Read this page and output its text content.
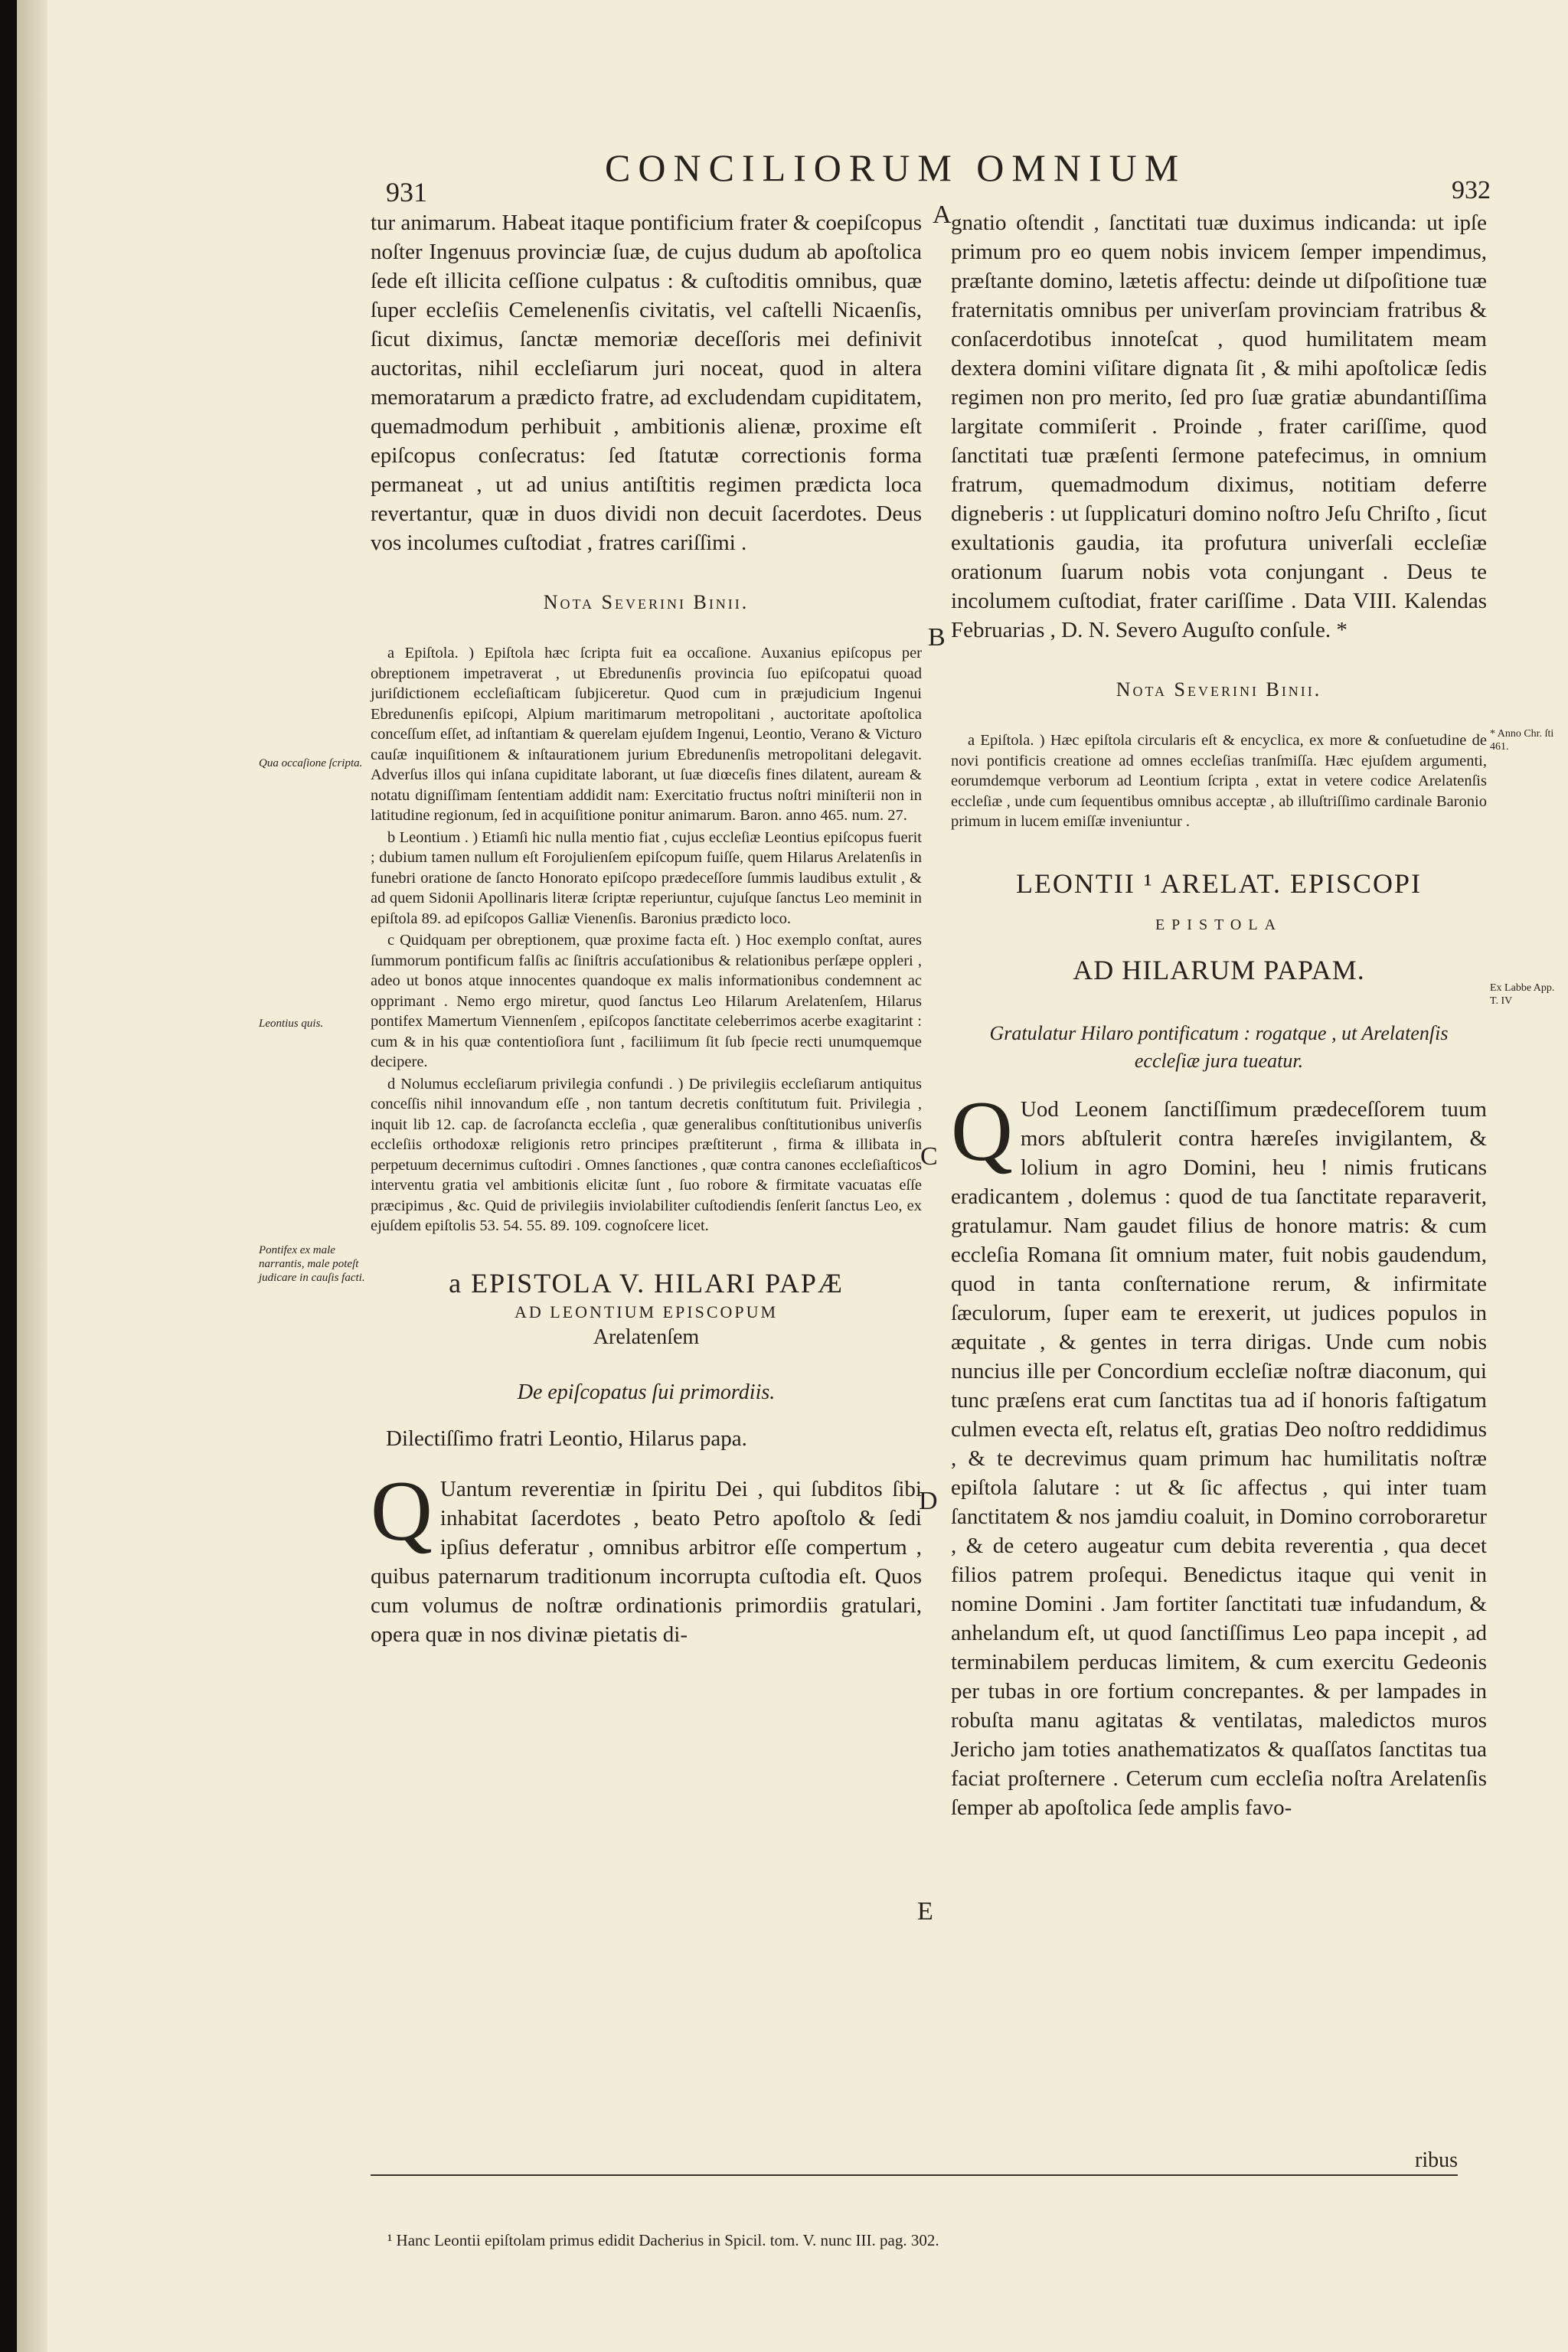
931
CONCILIORUM OMNIUM
932

tur animarum. Habeat itaque pontificium frater & coepiſcopus noſter Ingenuus provinciæ ſuæ, de cujus dudum ab apoſtolica ſede eſt illicita ceſſione culpatus : & cuſtoditis omnibus, quæ ſuper eccleſiis Cemelenenſis civitatis, vel caſtelli Nicaenſis, ſicut diximus, ſanctæ memoriæ deceſſoris mei definivit auctoritas, nihil eccleſiarum juri noceat, quod in altera memoratarum a prædicto fratre, ad excludendam cupiditatem, quemadmodum perhibuit , ambitionis alienæ, proxime eſt epiſcopus conſecratus: ſed ſtatutæ correctionis forma permaneat , ut ad unius antiſtitis regimen prædicta loca revertantur, quæ in duos dividi non decuit ſacerdotes. Deus vos incolumes cuſtodiat , fratres cariſſimi .

Nota Severini Binii.

a Epiſtola. ) Epiſtola hæc ſcripta fuit ea occaſione. Auxanius epiſcopus per obreptionem impetraverat , ut Ebredunenſis provincia ſuo epiſcopatui quoad juriſdictionem eccleſiaſticam ſubjiceretur. Quod cum in præjudicium Ingenui Ebredunenſis epiſcopi, Alpium maritimarum metropolitani , auctoritate apoſtolica conceſſum eſſet, ad inſtantiam & querelam ejuſdem Ingenui, Leontio, Verano & Victuro cauſæ inquiſitionem & inſtaurationem jurium Ebredunenſis metropolitani delegavit. Adverſus illos qui inſana cupiditate laborant, ut ſuæ diœceſis fines dilatent, auream & notatu digniſſimam ſententiam addidit nam: Exercitatio fructus noſtri miniſterii non in latitudine regionum, ſed in acquiſitione ponitur animarum. Baron. anno 465. num. 27.

b Leontium . ) Etiamſi hic nulla mentio fiat , cujus eccleſiæ Leontius epiſcopus fuerit ; dubium tamen nullum eſt Forojulienſem epiſcopum fuiſſe, quem Hilarus Arelatenſis in funebri oratione de ſancto Honorato epiſcopo prædeceſſore ſummis laudibus extulit , & ad quem Sidonii Apollinaris literæ ſcriptæ reperiuntur, cujuſque ſanctus Leo meminit in epiſtola 89. ad epiſcopos Galliæ Vienenſis. Baronius prædicto loco.

c Quidquam per obreptionem, quæ proxime facta eſt. ) Hoc exemplo conſtat, aures ſummorum pontificum falſis ac ſiniſtris accuſationibus & relationibus perſæpe oppleri , adeo ut bonos atque innocentes quandoque ex malis informationibus condemnent ac opprimant . Nemo ergo miretur, quod ſanctus Leo Hilarum Arelatenſem, Hilarus pontifex Mamertum Viennenſem , epiſcopos ſanctitate celeberrimos acerbe exagitarint : cum & in his quæ contentioſiora ſunt , faciliimum ſit ſub ſpecie recti unumquemque decipere.

d Nolumus eccleſiarum privilegia confundi . ) De privilegiis eccleſiarum antiquitus conceſſis nihil innovandum eſſe , non tantum decretis conſtitutum fuit. Privilegia , inquit lib 12. cap. de ſacroſancta eccleſia , quæ generalibus conſtitutionibus univerſis eccleſiis orthodoxæ religionis retro principes præſtiterunt , firma & illibata in perpetuum decernimus cuſtodiri . Omnes ſanctiones , quæ contra canones eccleſiaſticos interventu gratia vel ambitionis elicitæ ſunt , ſuo robore & firmitate vacuatas eſſe præcipimus , &c. Quid de privilegiis inviolabiliter cuſtodiendis ſenſerit ſanctus Leo, ex ejuſdem epiſtolis 53. 54. 55. 89. 109. cognoſcere licet.

a EPISTOLA V. HILARI PAPÆ
AD LEONTIUM EPISCOPUM
Arelatenſem
De epiſcopatus ſui primordiis.
Dilectiſſimo fratri Leontio, Hilarus papa.

Q Uantum reverentiæ in ſpiritu Dei , qui ſubditos ſibi inhabitat ſacerdotes , beato Petro apoſtolo & ſedi ipſius deferatur , omnibus arbitror eſſe compertum , quibus paternarum traditionum incorrupta cuſtodia eſt. Quos cum volumus de noſtræ ordinationis primordiis gratulari, opera quæ in nos divinæ pietatis di-

gnatio oſtendit , ſanctitati tuæ duximus indicanda: ut ipſe primum pro eo quem nobis invicem ſemper impendimus, præſtante domino, lætetis affectu: deinde ut diſpoſitione tuæ fraternitatis omnibus per univerſam provinciam fratribus & conſacerdotibus innoteſcat , quod humilitatem meam dextera domini viſitare dignata ſit , & mihi apoſtolicæ ſedis regimen non pro merito, ſed pro ſuæ gratiæ abundantiſſima largitate commiſerit . Proinde , frater cariſſime, quod ſanctitati tuæ præſenti ſermone patefecimus, in omnium fratrum, quemadmodum diximus, notitiam deferre digneberis : ut ſupplicaturi domino noſtro Jeſu Chriſto , ſicut exultationis gaudia, ita profutura univerſali eccleſiæ orationum ſuarum nobis vota conjungant . Deus te incolumem cuſtodiat, frater cariſſime . Data VIII. Kalendas Februarias , D. N. Severo Auguſto conſule. *

Nota Severini Binii.

a Epiſtola. ) Hæc epiſtola circularis eſt & encyclica, ex more & conſuetudine de novi pontificis creatione ad omnes eccleſias tranſmiſſa. Hæc ejuſdem argumenti, eorumdemque verborum ad Leontium ſcripta , extat in vetere codice Arelatenſis eccleſiæ , unde cum ſequentibus omnibus acceptæ , ab illuſtriſſimo cardinale Baronio primum in lucem emiſſæ inveniuntur .

LEONTII ¹ ARELAT. EPISCOPI
EPISTOLA
AD HILARUM PAPAM.
Gratulatur Hilaro pontificatum : rogatque , ut Arelatenſis eccleſiæ jura tueatur.

Q Uod Leonem ſanctiſſimum prædeceſſorem tuum mors abſtulerit contra hæreſes invigilantem, & lolium in agro Domini, heu ! nimis fruticans eradicantem , dolemus : quod de tua ſanctitate reparaverit, gratulamur. Nam gaudet filius de honore matris: & cum eccleſia Romana ſit omnium mater, fuit nobis gaudendum, quod in tanta conſternatione rerum, & infirmitate ſæculorum, ſuper eam te erexerit, ut judices populos in æquitate , & gentes in terra dirigas. Unde cum nobis nuncius ille per Concordium eccleſiæ noſtræ diaconum, qui tunc præſens erat cum ſanctitas tua ad iſ honoris faſtigatum culmen evecta eſt, relatus eſt, gratias Deo noſtro reddidimus , & te decrevimus quam primum hac humilitatis noſtræ epiſtola ſalutare : ut & ſic affectus , qui inter tuam ſanctitatem & nos jamdiu coaluit, in Domino corroboraretur , & de cetero augeatur cum debita reverentia , qua decet filios patrem proſequi. Benedictus itaque qui venit in nomine Domini . Jam fortiter ſanctitati tuæ infudandum, & anhelandum eſt, ut quod ſanctiſſimus Leo papa incepit , ad terminabilem perducas limitem, & cum exercitu Gedeonis per tubas in ore fortium concrepantes. & per lampades in robuſta manu agitatas & ventilatas, maledictos muros Jericho jam toties anathematizatos & quaſſatos ſanctitas tua faciat proſternere . Ceterum cum eccleſia noſtra Arelatenſis ſemper ab apoſtolica ſede amplis favo-

Qua occaſione ſcripta.
Leontius quis.
Pontifex ex male narrantis, male poteſt judicare in cauſis facti.
* Anno Chr. ſti 461.
Ex Labbe App. T. IV
A
B
C
D
E
ribus
¹ Hanc Leontii epiſtolam primus edidit Dacherius in Spicil. tom. V. nunc III. pag. 302.
